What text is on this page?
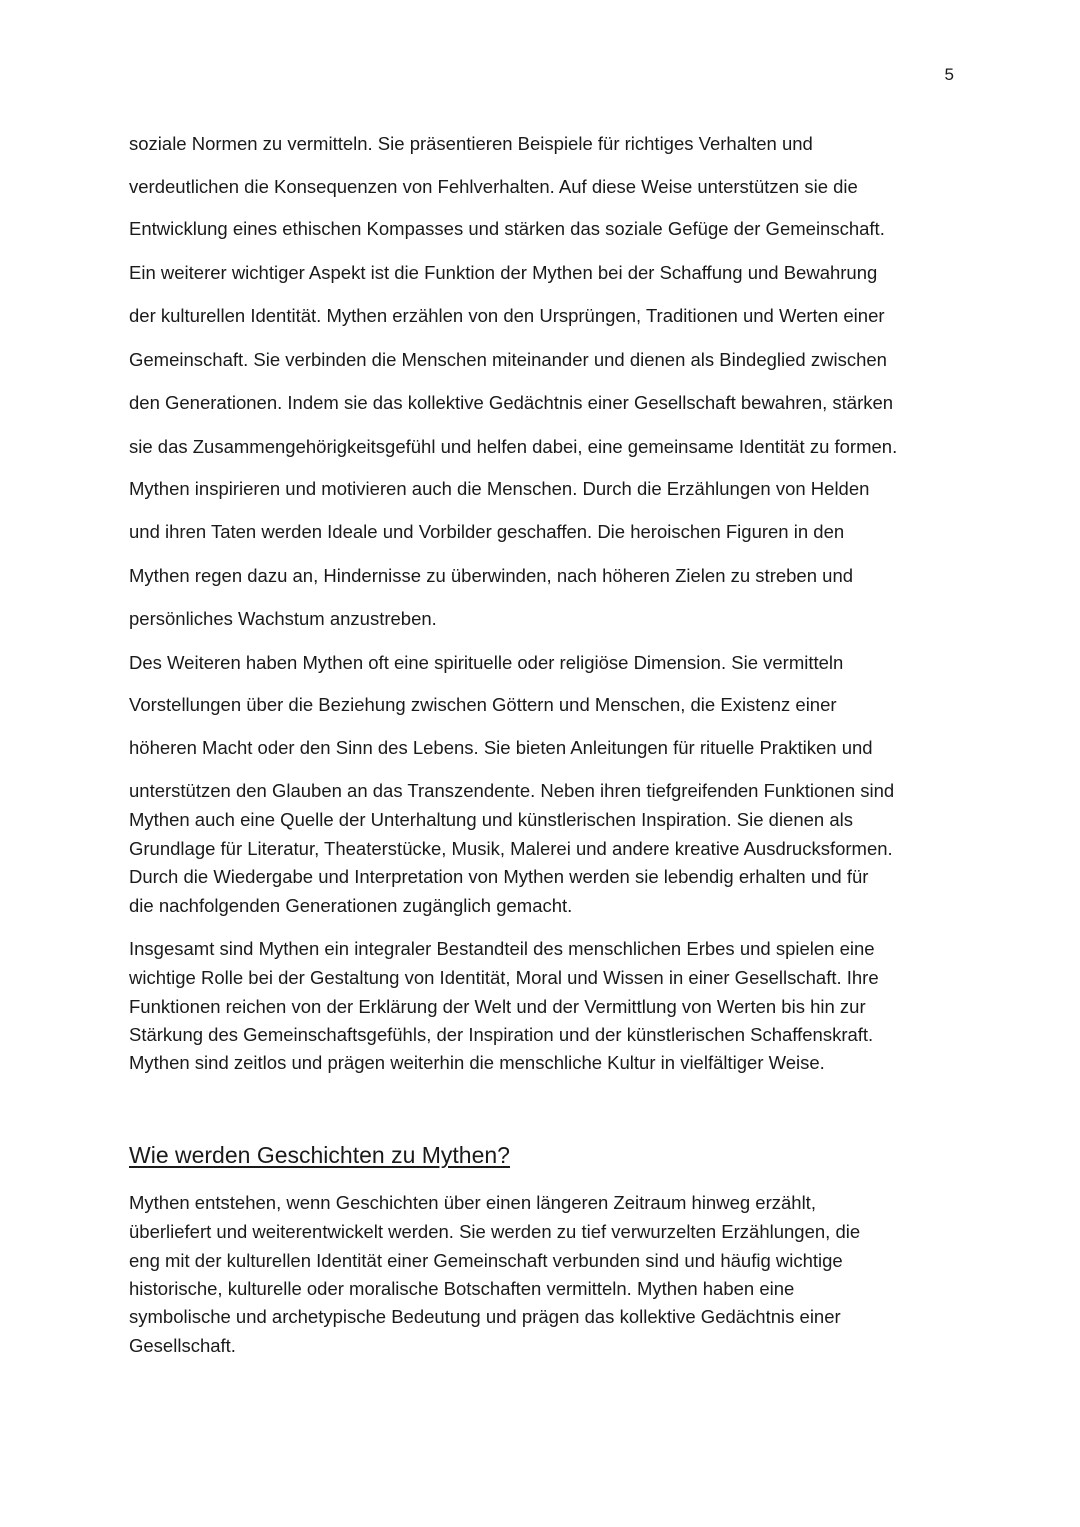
5
soziale Normen zu vermitteln. Sie präsentieren Beispiele für richtiges Verhalten und
verdeutlichen die Konsequenzen von Fehlverhalten. Auf diese Weise unterstützen sie die
Entwicklung eines ethischen Kompasses und stärken das soziale Gefüge der Gemeinschaft.
Ein weiterer wichtiger Aspekt ist die Funktion der Mythen bei der Schaffung und Bewahrung
der kulturellen Identität. Mythen erzählen von den Ursprüngen, Traditionen und Werten einer
Gemeinschaft. Sie verbinden die Menschen miteinander und dienen als Bindeglied zwischen
den Generationen. Indem sie das kollektive Gedächtnis einer Gesellschaft bewahren, stärken
sie das Zusammengehörigkeitsgefühl und helfen dabei, eine gemeinsame Identität zu formen.
Mythen inspirieren und motivieren auch die Menschen. Durch die Erzählungen von Helden
und ihren Taten werden Ideale und Vorbilder geschaffen. Die heroischen Figuren in den
Mythen regen dazu an, Hindernisse zu überwinden, nach höheren Zielen zu streben und
persönliches Wachstum anzustreben.
Des Weiteren haben Mythen oft eine spirituelle oder religiöse Dimension. Sie vermitteln
Vorstellungen über die Beziehung zwischen Göttern und Menschen, die Existenz einer
höheren Macht oder den Sinn des Lebens. Sie bieten Anleitungen für rituelle Praktiken und
unterstützen den Glauben an das Transzendente. Neben ihren tiefgreifenden Funktionen sind
Mythen auch eine Quelle der Unterhaltung und künstlerischen Inspiration. Sie dienen als
Grundlage für Literatur, Theaterstücke, Musik, Malerei und andere kreative Ausdrucksformen.
Durch die Wiedergabe und Interpretation von Mythen werden sie lebendig erhalten und für
die nachfolgenden Generationen zugänglich gemacht.
Insgesamt sind Mythen ein integraler Bestandteil des menschlichen Erbes und spielen eine
wichtige Rolle bei der Gestaltung von Identität, Moral und Wissen in einer Gesellschaft. Ihre
Funktionen reichen von der Erklärung der Welt und der Vermittlung von Werten bis hin zur
Stärkung des Gemeinschaftsgefühls, der Inspiration und der künstlerischen Schaffenskraft.
Mythen sind zeitlos und prägen weiterhin die menschliche Kultur in vielfältiger Weise.
Wie werden Geschichten zu Mythen?
Mythen entstehen, wenn Geschichten über einen längeren Zeitraum hinweg erzählt,
überliefert und weiterentwickelt werden. Sie werden zu tief verwurzelten Erzählungen, die
eng mit der kulturellen Identität einer Gemeinschaft verbunden sind und häufig wichtige
historische, kulturelle oder moralische Botschaften vermitteln. Mythen haben eine
symbolische und archetypische Bedeutung und prägen das kollektive Gedächtnis einer
Gesellschaft.
